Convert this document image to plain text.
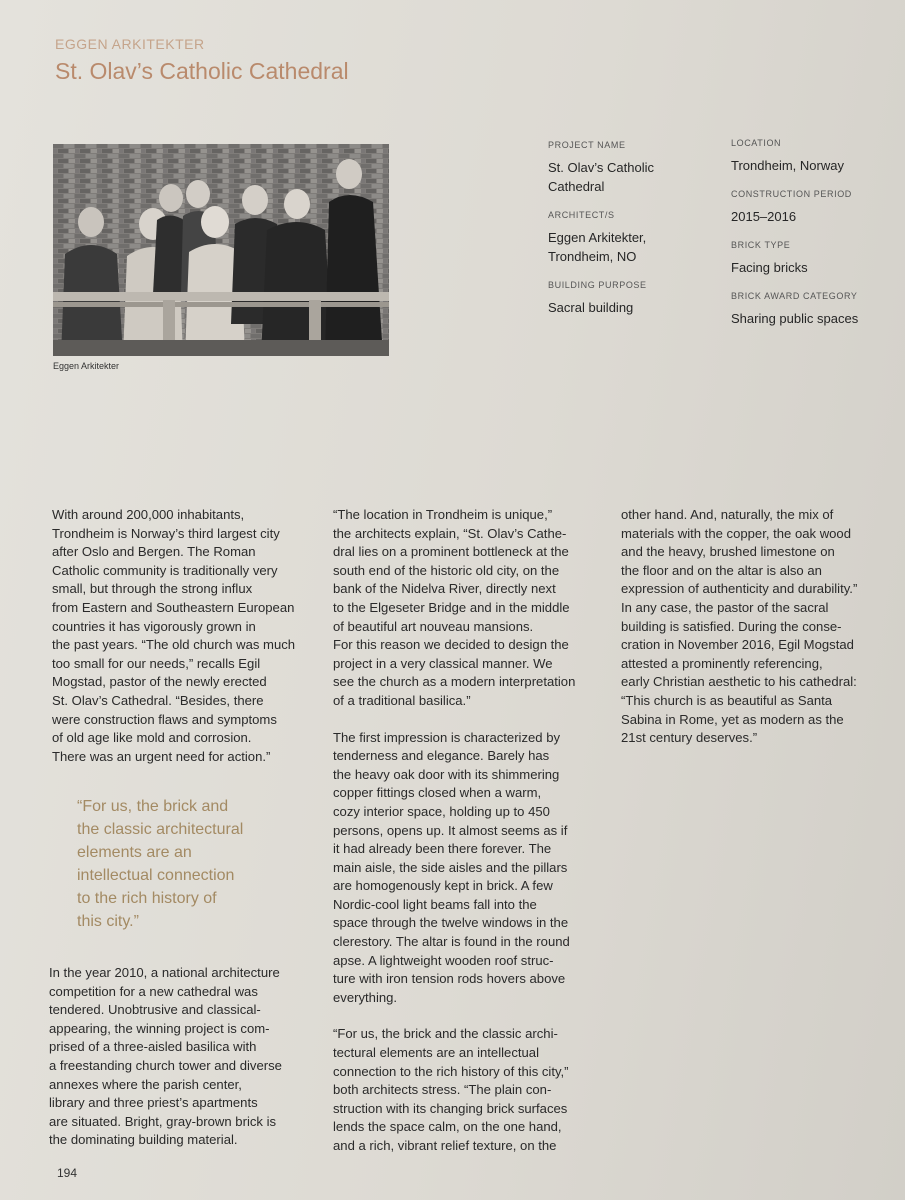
EGGEN ARKITEKTER
St. Olav’s Catholic Cathedral
Eggen Arkitekter
PROJECT NAME
St. Olav’s Catholic
Cathedral
ARCHITECT/S
Eggen Arkitekter,
Trondheim, NO
BUILDING PURPOSE
Sacral building
LOCATION
Trondheim, Norway
CONSTRUCTION PERIOD
2015–2016
BRICK TYPE
Facing bricks
BRICK AWARD CATEGORY
Sharing public spaces

With around 200,000 inhabitants,
Trondheim is Norway’s third largest city
after Oslo and Bergen. The Roman
Catholic community is traditionally very
small, but through the strong influx
from Eastern and Southeastern European
countries it has vigorously grown in
the past years. “The old church was much
too small for our needs,” recalls Egil
Mogstad, pastor of the newly erected
St. Olav’s Cathedral. “Besides, there
were construction flaws and symptoms
of old age like mold and corrosion.
There was an urgent need for action.”

“For us, the brick and
the classic architectural
elements are an
intellectual connection
to the rich history of
this city.”

In the year 2010, a national architecture
competition for a new cathedral was
tendered. Unobtrusive and classical-
appearing, the winning project is com-
prised of a three-aisled basilica with
a freestanding church tower and diverse
annexes where the parish center,
library and three priest’s apartments
are situated. Bright, gray-brown brick is
the dominating building material.

“The location in Trondheim is unique,”
the architects explain, “St. Olav’s Cathe-
dral lies on a prominent bottleneck at the
south end of the historic old city, on the
bank of the Nidelva River, directly next
to the Elgeseter Bridge and in the middle
of beautiful art nouveau mansions.
For this reason we decided to design the
project in a very classical manner. We
see the church as a modern interpretation
of a traditional basilica.”

The first impression is characterized by
tenderness and elegance. Barely has
the heavy oak door with its shimmering
copper fittings closed when a warm,
cozy interior space, holding up to 450
persons, opens up. It almost seems as if
it had already been there forever. The
main aisle, the side aisles and the pillars
are homogenously kept in brick. A few
Nordic-cool light beams fall into the
space through the twelve windows in the
clerestory. The altar is found in the round
apse. A lightweight wooden roof struc-
ture with iron tension rods hovers above
everything.

“For us, the brick and the classic archi-
tectural elements are an intellectual
connection to the rich history of this city,”
both architects stress. “The plain con-
struction with its changing brick surfaces
lends the space calm, on the one hand,
and a rich, vibrant relief texture, on the

other hand. And, naturally, the mix of
materials with the copper, the oak wood
and the heavy, brushed limestone on
the floor and on the altar is also an
expression of authenticity and durability.”
In any case, the pastor of the sacral
building is satisfied. During the conse-
cration in November 2016, Egil Mogstad
attested a prominently referencing,
early Christian aesthetic to his cathedral:
“This church is as beautiful as Santa
Sabina in Rome, yet as modern as the
21st century deserves.”

194
